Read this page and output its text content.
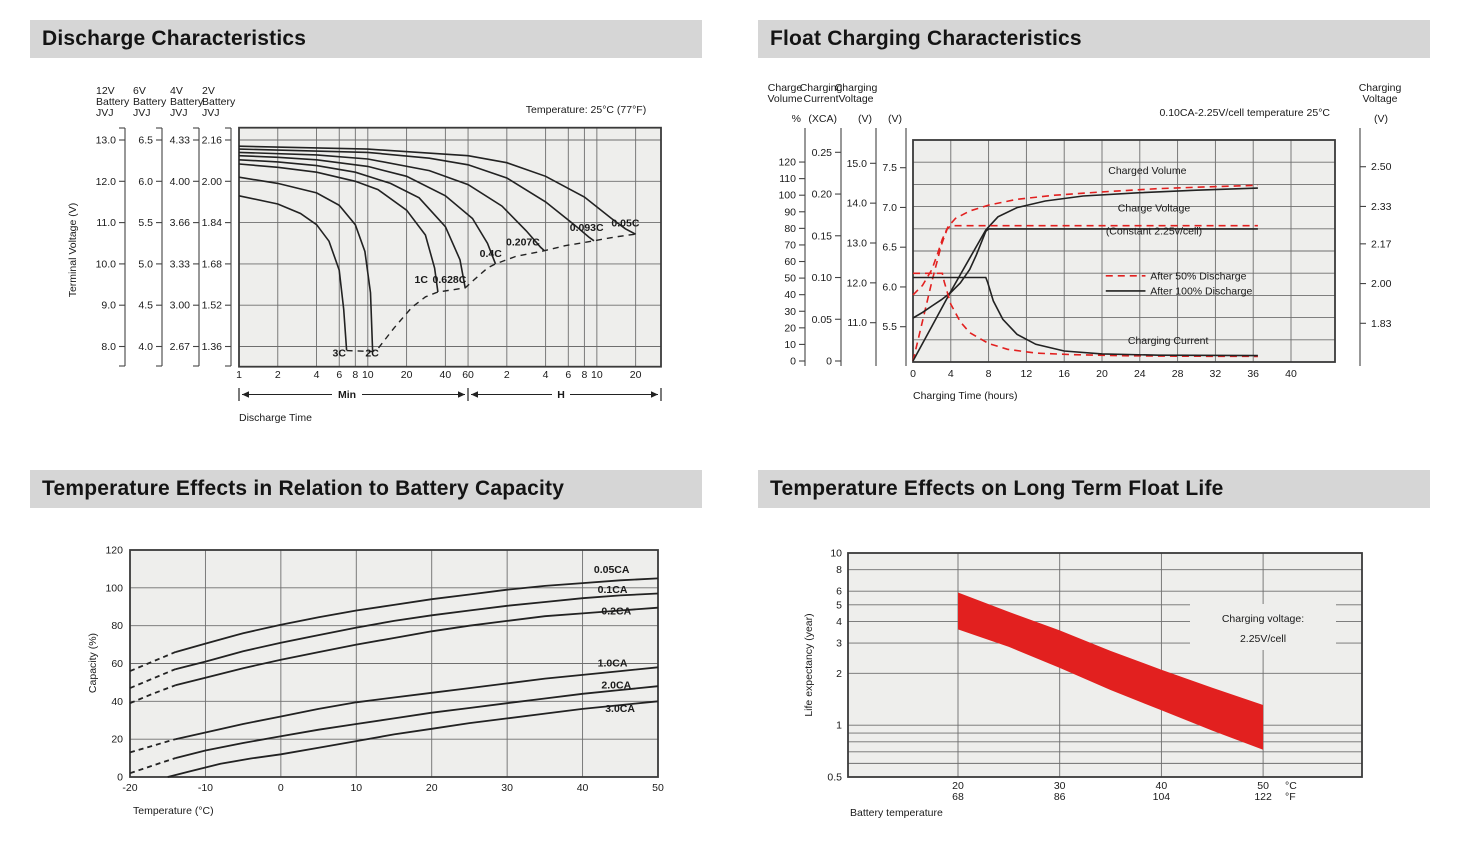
Discharge Characteristics	Float Charging Characteristics
Temperature Effects in Relation to Battery Capacity	Temperature Effects on Long Term Float Life
13.0
12.0
11.0
10.0
9.0
8.0
12V
Battery
JVJ
6.5
6.0
5.5
5.0
4.5
4.0
6V
Battery
JVJ
4.33
4.00
3.66
3.33
3.00
2.67
4V
Battery
JVJ
2.16
2.00
1.84
1.68
1.52
1.36
2V
Battery
JVJ
Terminal Voltage (V)
Temperature: 25°C (77°F)
3C 2C
1C 0.628C
0.4C
0.207C
0.093C 0.05C
1	2	4 6 8 10	20	40 60	2	4 6 8 10	20
Min	H
Discharge Time
0
10
20
30
40
50
60
70
80
90
100
110
120
Charge
Volume
%
0
0.05
0.10
0.15
0.20
0.25
Charging
Current
(XCA)
11.0
12.0
13.0
14.0
15.0
Charging
Voltage
(V)
5.5
6.0
6.5
7.0
7.5
(V)
1.83
2.00
2.17
2.33
2.50
Charging
Voltage
(V)
0.10CA-2.25V/cell temperature 25°C
Charged Volume
Charge Voltage
(Constant 2.25v/cell)
Charging Current
After 50% Discharge
After 100% Discharge
0	4	8	12 16 20 24 28 32 36 40
Charging Time (hours)
0.05CA
0.1CA
0.2CA
1.0CA
2.0CA
3.0CA
0
20
40
60
80
100
120
-20	-10	0	10	20	30	40	50
Capacity (%)
Temperature (°C)
Charging voltage:
2.25V/cell
10
8
6
5
4
3
2
1
0.5
20
68
30
86
40
104
50
122
°C
°F
Life expectancy (year)
Battery temperature
